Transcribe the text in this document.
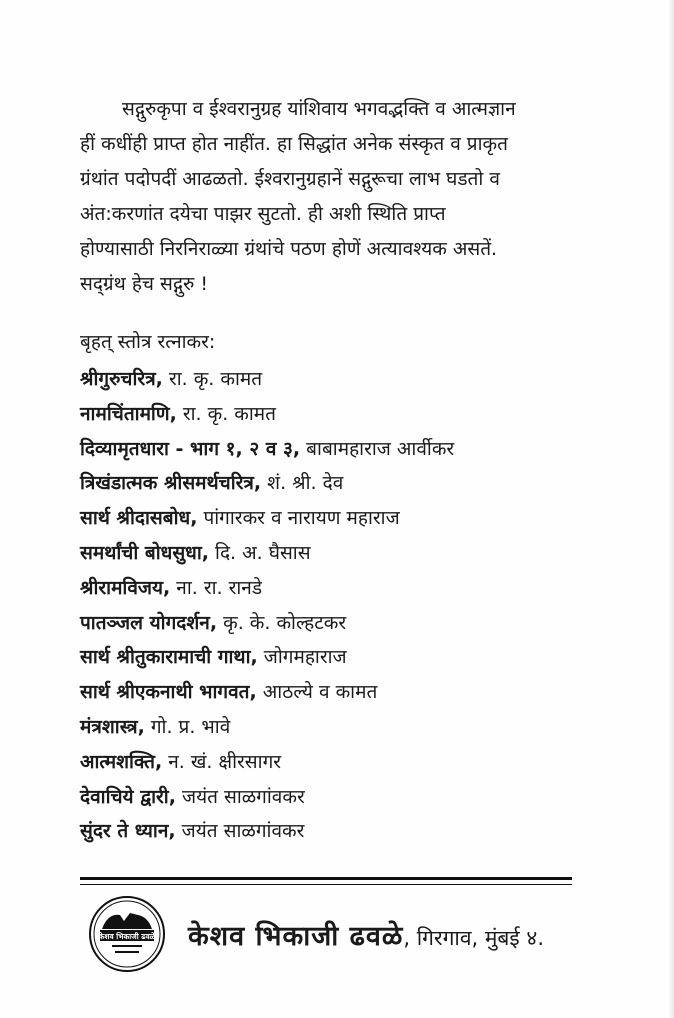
सद्गुरुकृपा व ईश्वरानुग्रह यांशिवाय भगवद्भक्ति व आत्मज्ञान
हीं कधींही प्राप्त होत नाहींत. हा सिद्धांत अनेक संस्कृत व प्राकृत
ग्रंथांत पदोपदीं आढळतो. ईश्वरानुग्रहानें सद्गुरूचा लाभ घडतो व
अंत:करणांत दयेचा पाझर सुटतो. ही अशी स्थिति प्राप्त
होण्यासाठी निरनिराळ्या ग्रंथांचे पठण होणें अत्यावश्यक असतें.
सद्ग्रंथ हेच सद्गुरु !
बृहत् स्तोत्र रत्नाकर:
श्रीगुरुचरित्र, रा. कृ. कामत
नामचिंतामणि, रा. कृ. कामत
दिव्यामृतधारा - भाग १, २ व ३, बाबामहाराज आर्वीकर
त्रिखंडात्मक श्रीसमर्थचरित्र, शं. श्री. देव
सार्थ श्रीदासबोध, पांगारकर व नारायण महाराज
समर्थांची बोधसुधा, दि. अ. घैसास
श्रीरामविजय, ना. रा. रानडे
पातञ्जल योगदर्शन, कृ. के. कोल्हटकर
सार्थ श्रीतुकारामाची गाथा, जोगमहाराज
सार्थ श्रीएकनाथी भागवत, आठल्ये व कामत
मंत्रशास्त्र, गो. प्र. भावे
आत्मशक्ति, न. खं. क्षीरसागर
देवाचिये द्वारी, जयंत साळगांवकर
सुंदर ते ध्यान, जयंत साळगांवकर
केशव भिकाजी ढवळे केशव भिकाजी ढवळे, गिरगाव, मुंबई ४.
